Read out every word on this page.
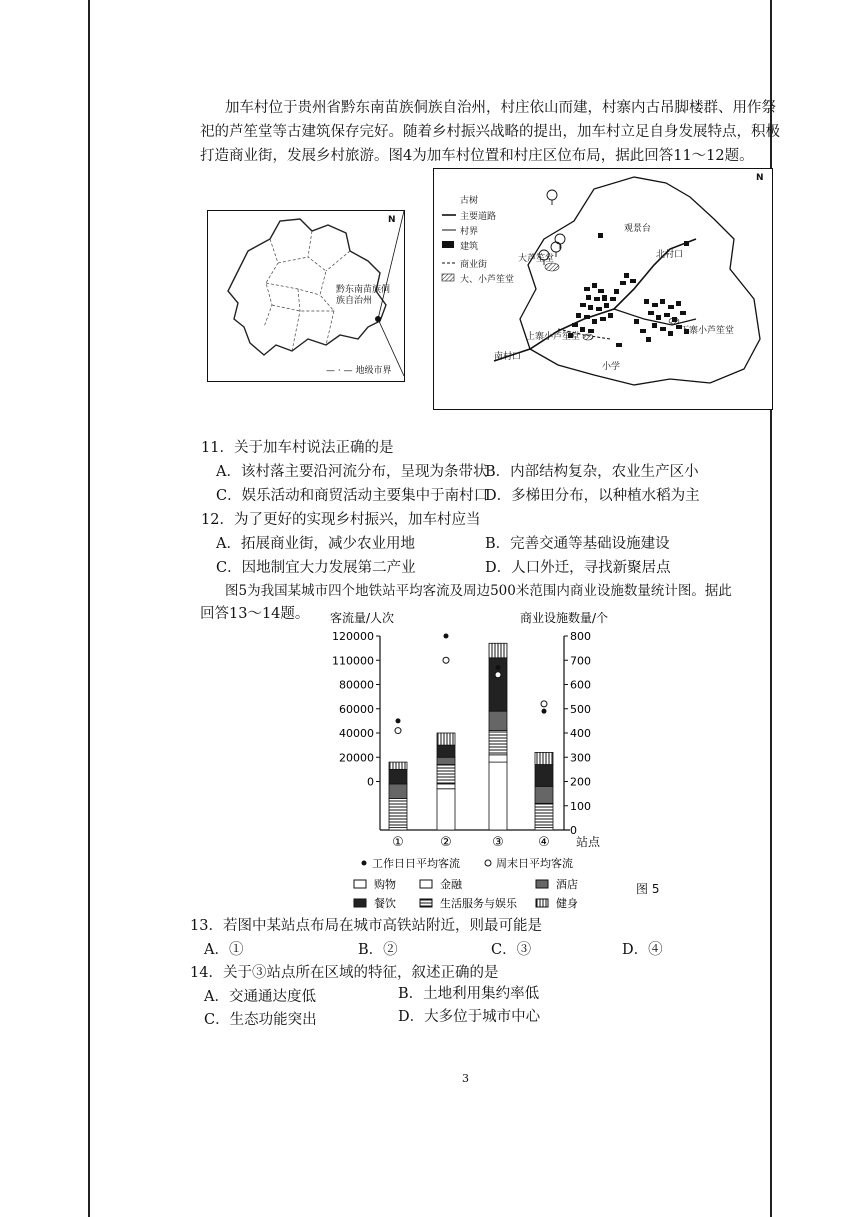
加车村位于贵州省黔东南苗族侗族自治州，村庄依山而建，村寨内古吊脚楼群、用作祭
祀的芦笙堂等古建筑保存完好。随着乡村振兴战略的提出，加车村立足自身发展特点，积极
打造商业街，发展乡村旅游。图4为加车村位置和村庄区位布局，据此回答11～12题。
N
黔东南苗族侗族自治州
— · — 地级市界
N
古树
主要道路
村界
建筑
商业街
大、小芦笙堂
观景台
北村口
大芦笙堂
上寨小芦笙堂
下寨小芦笙堂
南村口
小学
11．关于加车村说法正确的是
A．该村落主要沿河流分布，呈现为条带状
B．内部结构复杂，农业生产区小
C．娱乐活动和商贸活动主要集中于南村口
D．多梯田分布，以种植水稻为主
12．为了更好的实现乡村振兴，加车村应当
A．拓展商业街，减少农业用地	B．完善交通等基础设施建设
C．因地制宜大力发展第二产业	D．人口外迁，寻找新聚居点
图5为我国某城市四个地铁站平均客流及周边500米范围内商业设施数量统计图。据此
回答13～14题。 客流量/人次	商业设施数量/个
①	②	③	④ 站点
800
700
600
500
400
300
200
100
0
120000
110000
80000
60000
40000
20000
0
工作日日平均客流	周末日平均客流
购物	金融	酒店
餐饮	生活服务与娱乐	健身
图 5
13．若图中某站点布局在城市高铁站附近，则最可能是
A．①	B．②	C．③	D．④
14．关于③站点所在区域的特征，叙述正确的是
A．交通通达度低	B．土地利用集约率低
C．生态功能突出	D．大多位于城市中心
3
